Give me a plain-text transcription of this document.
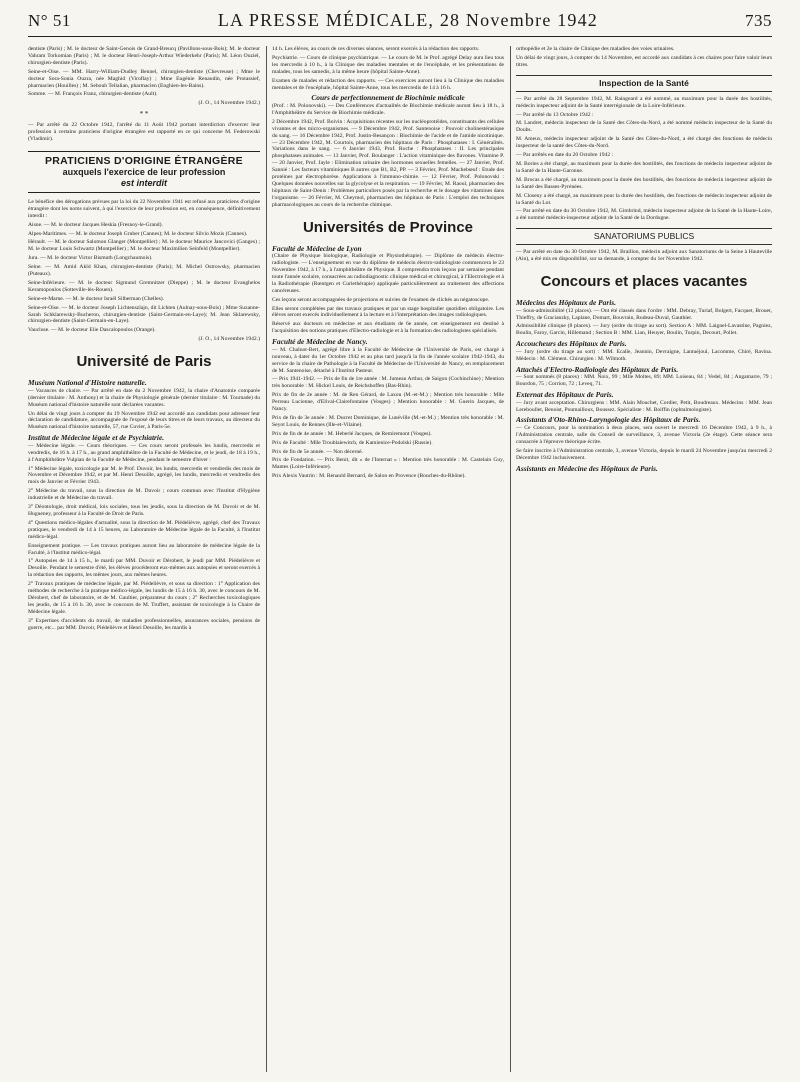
N° 51	LA PRESSE MÉDICALE, 28 Novembre 1942	735

dentiste (Paris) ; M. le docteur de Saint-Genois de Grand-Breucq (Pavillons-sous-Bois); M. le docteur Vahram Torkomian (Paris) ; M. le docteur Henri-Joseph-Arthur Wiederkehr (Paris); M. Léon Ouziel, chirurgien-dentiste (Paris).

Seine-et-Oise. — MM. Harry-William-Dudley Bennel, chirurgien-dentiste (Chevreuse) ; Mme le docteur Sora-Sonia Ouzra, née Maghid (Viroflay) ; Mme Eugénie Renaudin, née Protassief, pharmacien (Houilles) ; M. Sebouh Tellalian, pharmacien (Enghien-les-Bains).

Somme. — M. François Franz, chirurgien-dentiste (Ault).

(J. O., 14 Novembre 1942.)

* *

— Par arrêté du 22 Octobre 1942, l'arrêté du 11 Août 1942 portant interdiction d'exercer leur profession à certains praticiens d'origine étrangère est rapporté en ce qui concerne M. Federowski (Vladimir).

PRATICIENS D'ORIGINE ÉTRANGÈRE
auxquels l'exercice de leur profession
est interdit

Le bénéfice des dérogations prévues par la loi du 22 Novembre 1941 est refusé aux praticiens d'origine étrangère dont les noms suivent, à qui l'exercice de leur profession est, en conséquence, définitivement interdit :

Aisne. — M. le docteur Jacques Heskia (Fresnoy-le-Grand).

Alpes-Maritimes. — M. le docteur Joseph Gruber (Cannes); M. le docteur Silvio Mozis (Cannes).

Hérault. — M. le docteur Salomon Glanger (Montpellier) ; M. le docteur Maurice Jancovici (Ganges) ; M. le docteur Louis Schwartz (Montpellier) ; M. le docteur Maximilien Seinfeld (Montpellier).

Jura. — M. le docteur Victor Bismuth (Longchaumois).

Seine. — M. Amid Akld Khan, chirurgien-dentiste (Paris); M. Michel Ostrowsky, pharmacien (Puteaux).

Seine-Inférieure. — M. le docteur Sigmund Gremnitzer (Dieppe) ; M. le docteur Evanghelos Keramopoulos (Sotteville-lès-Rouen).

Seine-et-Marne. — M. le docteur Israël Silberman (Chelles).

Seine-et-Oise. — M. le docteur Joseph Lichtenszlajn, dit Lichten (Aulnay-sous-Bois) ; Mme Suzanne-Sarah Schklarewsky-Bucheron, chirurgien-dentiste (Saint-Germain-en-Laye); M. Jean Sklarewsky, chirurgien-dentiste (Saint-Germain-en-Laye).

Vaucluse. — M. le docteur Elie Dascalopoulos (Orange).

(J. O., 14 Novembre 1942.)

Université de Paris
Muséum National d'Histoire naturelle.

— Vacances de chaire. — Par arrêté en date du 2 Novembre 1942, la chaire d'Anatomie comparée (dernier titulaire : M. Anthony) et la chaire de Physiologie générale (dernier titulaire : M. Tournade) du Muséum national d'histoire naturelle sont déclarées vacantes.

Un délai de vingt jours à compter du 19 Novembre 1942 est accordé aux candidats pour adresser leur déclaration de candidature, accompagnée de l'exposé de leurs titres et de leurs travaux, au directeur du Muséum national d'histoire naturelle, 57, rue Cuvier, à Paris-5e.

Institut de Médecine légale et de Psychiatrie.

— Médecine légale. — Cours théoriques. — Ces cours seront professés les lundis, mercredis et vendredis, de 16 h. à 17 h., au grand amphithéâtre de la Faculté de Médecine, et le jeudi, de 18 à 19 h., à l'Amphithéâtre Vulpian de la Faculté de Médecine, pendant le semestre d'hiver :

1° Médecine légale, toxicologie par M. le Prof. Duvoir, les lundis, mercredis et vendredis des mois de Novembre et Décembre 1942, et par M. Henri Desoille, agrégé, les lundis, mercredis et vendredis des mois de Janvier et Février 1943.

2° Médecine du travail, sous la direction de M. Duvoir ; cours commun avec l'Institut d'Hygiène industrielle et de Médecine du travail.

3° Déontologie, droit médical, lois sociales, tous les jeudis, sous la direction de M. Duvoir et de M. Hugueney, professeur à la Faculté de Droit de Paris.

4° Questions médico-légales d'actualité, sous la direction de M. Piédelièvre, agrégé, chef des Travaux pratiques, le vendredi de 14 à 15 heures, au Laboratoire de Médecine légale de la Faculté, à l'Institut médico-légal.

Enseignement pratique. — Les travaux pratiques auront lieu au laboratoire de médecine légale de la Faculté, à l'Institut médico-légal.

1° Autopsies de 14 à 15 h., le mardi par MM. Duvoir et Dérobert, le jeudi par MM. Piédelièvre et Desoille. Pendant le semestre d'été, les élèves procéderont eux-mêmes aux autopsies et seront exercés à la rédaction des rapports, les mêmes jours, aux mêmes heures.

2° Travaux pratiques de médecine légale, par M. Piédelièvre, et sous sa direction : 1° Application des méthodes de recherche à la pratique médico-légale, les lundis de 15 à 16 h. 30, avec le concours de M. Dérobert, chef de laboratoire, et de M. Gaultier, préparateur du cours ; 2° Recherches toxicologiques les jeudis, de 15 à 16 h. 30, avec le concours de M. Truffert, assistant de toxicologie à la Chaire de Médecine légale.

3° Expertises d'accidents du travail, de maladies professionnelles, assurances sociales, pensions de guerre, etc... par MM. Duvoir, Piédelièvre et Henri Desoille, les mardis à

14 h. Les élèves, au cours de ces diverses séances, seront exercés à la rédaction des rapports.

Psychiatrie. — Cours de clinique psychiatrique. — Le cours de M. le Prof. agrégé Delay aura lieu tous les mercredis à 10 h., à la Clinique des maladies mentales et de l'encéphale, et les présentations de malades, tous les samedis, à la même heure (hôpital Sainte-Anne).

Examen de malades et rédaction des rapports. — Ces exercices auront lieu à la Clinique des maladies mentales et de l'encéphale, hôpital Sainte-Anne, tous les mercredis de 14 à 16 h.

Cours de perfectionnement de Biochimie médicale

(Prof. : M. Polonovski). — Des Conférences d'actualités de Biochimie médicale auront lieu à 18 h., à l'Amphithéâtre du Service de Biochimie médicale.

2 Décembre 1942, Prof. Boivin : Acquisitions récentes sur les nucléoprotéides, constituants des cellules vivantes et des micro-organismes. — 9 Décembre 1942, Prof. Santenoise : Pouvoir cholinestérasique du sang. — 16 Décembre 1942, Prof. Justin-Besançon : Biochimie de l'acide et de l'amide nicotinique. — 23 Décembre 1942, M. Courtois, pharmacien des hôpitaux de Paris : Phosphatases : I. Généralités. Variations dans le sang. — 6 Janvier 1943, Prof. Roche : Phosphatases : II. Les principales phosphatases animales. — 13 Janvier, Prof. Boulanger : L'action vitaminique des flavones. Vitamine P. — 20 Janvier, Prof. Jayle : Elimination urinaire des hormones sexuelles femelles. — 27 Janvier, Prof. Sannié : Les facteurs vitaminiques B autres que B1, B2, PP. — 3 Février, Prof. Machebœuf : Etude des protéines par électrophorèse. Applications à l'immuno-chimie. — 12 Février, Prof. Polonovski : Quelques données nouvelles sur la glycolyse et la respiration. — 19 Février, M. Raoul, pharmacien des hôpitaux de Saint-Denis : Problèmes particuliers posés par la recherche et le dosage des vitamines dans l'organisme. — 26 Février, M. Cheymol, pharmacien des hôpitaux de Paris : L'emploi des techniques pharmacologiques au cours de la recherche chimique.

Universités de Province
Faculté de Médecine de Lyon

(Chaire de Physique biologique, Radiologie et Physiothérapie). — Diplôme de médecin électro-radiologiste. — L'enseignement en vue du diplôme de médecin électro-radiologiste commencera le 23 Novembre 1942, à 17 h., à l'amphithéâtre de Physique. Il comprendra trois leçons par semaine pendant toute l'année scolaire, consacrées au radiodiagnostic clinique médical et chirurgical, à l'Electrologie et à la Radiothérapie (Rœntgen et Curiethérapie) appliquée particulièrement au traitement des affections cancéreuses.

Ces leçons seront accompagnées de projections et suivies de l'examen de clichés au négatoscope.

Elles seront complétées par des travaux pratiques et par un stage hospitalier quotidien obligatoire. Les élèves seront exercés individuellement à la lecture et à l'interprétation des images radiologiques.

Réservé aux docteurs en médecine et aux étudiants de 6e année, cet enseignement est destiné à l'acquisition des notions pratiques d'Electro-radiologie et à la formation des radiologistes spécialisés.

Faculté de Médecine de Nancy.

— M. Chalnot-Bert, agrégé libre à la Faculté de Médecine de l'Université de Paris, est chargé à nouveau, à dater du 1er Octobre 1942 et au plus tard jusqu'à la fin de l'année scolaire 1942-1943, du service de la chaire de Pathologie à la Faculté de Médecine de l'Université de Nancy, en remplacement de M. Santenoise, détaché à l'Institut Pasteur.

— Prix 1941-1942. — Prix de fin de 1re année : M. Jumeau Arthur, de Saigon (Cochinchine) ; Mention très honorable : M. Hickel Louis, de Reichshoffen (Bas-Rhin).

Prix de fin de 2e année : M. de Ren Gérard, de Laxou (M.-et-M.) ; Mention très honorable : Mlle Perreau Lucienne, d'Elival-Clairefontaine (Vosges) ; Mention honorable : M. Guerin Jacques, de Nancy.

Prix de fin de 3e année : M. Ducret Dominique, de Lunéville (M.-et-M.) ; Mention très honorable : M. Seyot Louis, de Rennes (Ille-et-Vilaine).

Prix de fin de 4e année : M. Heberlé Jacques, de Remiremont (Vosges).

Prix de Faculté : Mlle Troublaiewitch, de Kamienice-Podolski (Russie).

Prix de fin de 5e année. — Non décerné.

Prix de Fondation. — Prix Benit, dit « de l'Internat » : Mention très honorable : M. Castelain Guy, Mantes (Loire-Inférieure).

Prix Alexis Vautrin : M. Renauld Bernard, de Salon en Provence (Bouches-du-Rhône).

orthopédie et 2e la chaire de Clinique des maladies des voies urinaires.

Un délai de vingt jours, à compter du 14 Novembre, est accordé aux candidats à ces chaires pour faire valoir leurs titres.

Inspection de la Santé

— Par arrêté du 28 Septembre 1942, M. Raingeard a été nommé, au maximum pour la durée des hostilités, médecin inspecteur adjoint de la Santé interrégionale de la Loire-Inférieure.

— Par arrêté du 13 Octobre 1942 :

M. Landret, médecin inspecteur de la Santé des Côtes-du-Nord, a été nommé médecin inspecteur de la Santé du Doubs.

M. Ameux, médecin inspecteur adjoint de la Santé des Côtes-du-Nord, a été chargé des fonctions de médecin inspecteur de la santé des Côtes-du-Nord.

— Par arrêtés en date du 20 Octobre 1942 :

M. Bories a été chargé, au maximum pour la durée des hostilités, des fonctions de médecin inspecteur adjoint de la Santé de la Haute-Garonne.

M. Brocas a été chargé, au maximum pour la durée des hostilités, des fonctions de médecin inspecteur adjoint de la Santé des Basses-Pyrénées.

M. Closeny a été chargé, au maximum pour la durée des hostilités, des fonctions de médecin inspecteur adjoint de la Santé du Lot.

— Par arrêté en date du 30 Octobre 1942, M. Gimbrind, médecin inspecteur adjoint de la Santé de la Haute-Loire, a été nommé médecin-inspecteur adjoint de la Santé de la Dordogne.

SANATORIUMS PUBLICS

— Par arrêté en date du 30 Octobre 1942, M. Braillon, médecin adjoint aux Sanatoriums de la Seine à Hauteville (Ain), a été mis en disponibilité, sur sa demande, à compter du 1er Novembre 1942.

Concours et places vacantes
Médecins des Hôpitaux de Paris.

— Sous-admissibilité (12 places). — Ont été classés dans l'ordre : MM. Debray, Turiaf, Bolgert, Facquet, Brouet, Thieffry, de Gracianzky, Laplane, Domart, Bouvrain, Rudeau-Duval, Gauthier.

Admissibilité clinique (8 places). — Jury (ordre du tirage au sort). Section A : MM. Laignel-Lavastine, Pagniez, Boulin, Faroy, Garcin, Hillemand ; Section B : MM. Lian, Heuyer, Boulin, Turpin, Decourt, Pollet.

Accoucheurs des Hôpitaux de Paris.

— Jury (ordre du tirage au sort) : MM. Ecalle, Jeannin, Devraigne, Lantuéjoul, Lacomme, Chiré, Ravina. Médecin : M. Clément. Chirurgien : M. Wilmoth.

Attachés d'Electro-Radiologie des Hôpitaux de Paris.

— Sont nommés (8 places) : MM. Noix, 99 ; Mlle Moltes, 89; MM. Loiseau, 84 ; Vedel, 84 ; Angamarre, 79 ; Bourdon, 75 ; Corrion, 72 ; Leveq, 71.

Externat des Hôpitaux de Paris.

— Jury avant acceptation. Chirurgiens : MM. Alain Mouchet, Cordier, Petit, Boudreaux. Médecins : MM. Jean Lereboullet, Benoist, Poumailloux, Boussez. Spécialiste : M. Boiffin (ophtalmologiste).

Assistants d'Oto-Rhino-Laryngologie des Hôpitaux de Paris.

— Ce Concours, pour la nomination à deux places, sera ouvert le mercredi 16 Décembre 1942, à 9 h., à l'Administration centrale, salle du Conseil de surveillance, 3, avenue Victoria (2e étage). Cette séance sera consacrée à l'épreuve théorique écrite.

Se faire inscrire à l'Administration centrale, 3, avenue Victoria, depuis le mardi 24 Novembre jusqu'au mercredi 2 Décembre 1942 inclusivement.

Assistants en Médecine des Hôpitaux de Paris.
